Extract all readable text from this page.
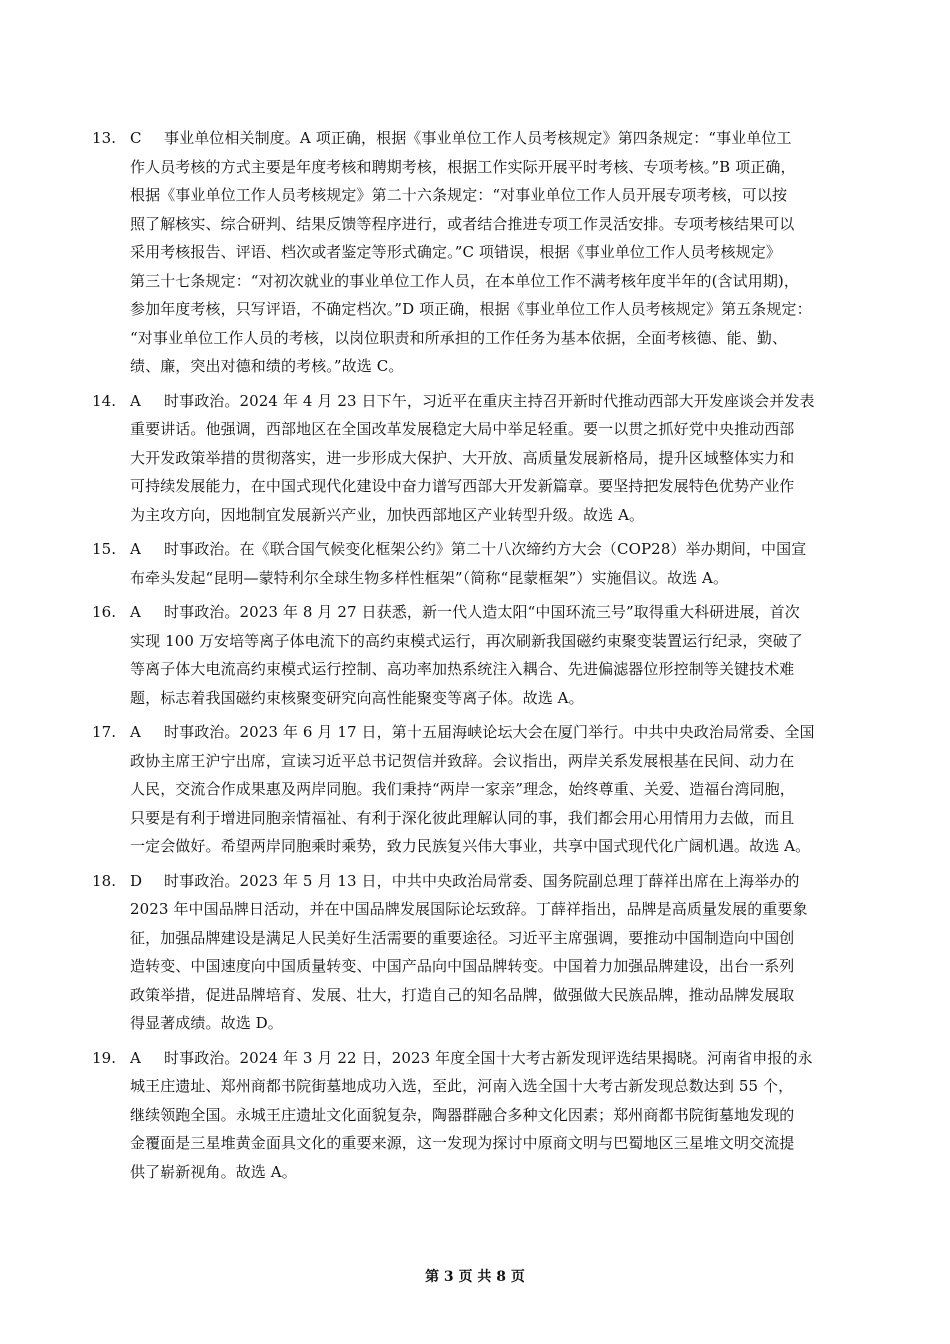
13. C 事业单位相关制度。A 项正确，根据《事业单位工作人员考核规定》第四条规定：“事业单位工
作人员考核的方式主要是年度考核和聘期考核，根据工作实际开展平时考核、专项考核。”B 项正确，
根据《事业单位工作人员考核规定》第二十六条规定：“对事业单位工作人员开展专项考核，可以按
照了解核实、综合研判、结果反馈等程序进行，或者结合推进专项工作灵活安排。专项考核结果可以
采用考核报告、评语、档次或者鉴定等形式确定。”C 项错误，根据《事业单位工作人员考核规定》
第三十七条规定：“对初次就业的事业单位工作人员，在本单位工作不满考核年度半年的(含试用期)，
参加年度考核，只写评语，不确定档次。”D 项正确，根据《事业单位工作人员考核规定》第五条规定：
“对事业单位工作人员的考核，以岗位职责和所承担的工作任务为基本依据，全面考核德、能、勤、
绩、廉，突出对德和绩的考核。”故选 C。
14. A 时事政治。2024 年 4 月 23 日下午，习近平在重庆主持召开新时代推动西部大开发座谈会并发表
重要讲话。他强调，西部地区在全国改革发展稳定大局中举足轻重。要一以贯之抓好党中央推动西部
大开发政策举措的贯彻落实，进一步形成大保护、大开放、高质量发展新格局，提升区域整体实力和
可持续发展能力，在中国式现代化建设中奋力谱写西部大开发新篇章。要坚持把发展特色优势产业作
为主攻方向，因地制宜发展新兴产业，加快西部地区产业转型升级。故选 A。
15. A 时事政治。在《联合国气候变化框架公约》第二十八次缔约方大会（COP28）举办期间，中国宣
布牵头发起“昆明—蒙特利尔全球生物多样性框架”（简称“昆蒙框架”）实施倡议。故选 A。
16. A 时事政治。2023 年 8 月 27 日获悉，新一代人造太阳“中国环流三号”取得重大科研进展，首次
实现 100 万安培等离子体电流下的高约束模式运行，再次刷新我国磁约束聚变装置运行纪录，突破了
等离子体大电流高约束模式运行控制、高功率加热系统注入耦合、先进偏滤器位形控制等关键技术难
题，标志着我国磁约束核聚变研究向高性能聚变等离子体。故选 A。
17. A 时事政治。2023 年 6 月 17 日，第十五届海峡论坛大会在厦门举行。中共中央政治局常委、全国
政协主席王沪宁出席，宣读习近平总书记贺信并致辞。会议指出，两岸关系发展根基在民间、动力在
人民，交流合作成果惠及两岸同胞。我们秉持“两岸一家亲”理念，始终尊重、关爱、造福台湾同胞，
只要是有利于增进同胞亲情福祉、有利于深化彼此理解认同的事，我们都会用心用情用力去做，而且
一定会做好。希望两岸同胞乘时乘势，致力民族复兴伟大事业，共享中国式现代化广阔机遇。故选 A。
18. D 时事政治。2023 年 5 月 13 日，中共中央政治局常委、国务院副总理丁薛祥出席在上海举办的
2023 年中国品牌日活动，并在中国品牌发展国际论坛致辞。丁薛祥指出，品牌是高质量发展的重要象
征，加强品牌建设是满足人民美好生活需要的重要途径。习近平主席强调，要推动中国制造向中国创
造转变、中国速度向中国质量转变、中国产品向中国品牌转变。中国着力加强品牌建设，出台一系列
政策举措，促进品牌培育、发展、壮大，打造自己的知名品牌，做强做大民族品牌，推动品牌发展取
得显著成绩。故选 D。
19. A 时事政治。2024 年 3 月 22 日，2023 年度全国十大考古新发现评选结果揭晓。河南省申报的永
城王庄遗址、郑州商都书院街墓地成功入选，至此，河南入选全国十大考古新发现总数达到 55 个，
继续领跑全国。永城王庄遗址文化面貌复杂，陶器群融合多种文化因素；郑州商都书院街墓地发现的
金覆面是三星堆黄金面具文化的重要来源，这一发现为探讨中原商文明与巴蜀地区三星堆文明交流提
供了崭新视角。故选 A。
第 3 页 共 8 页
